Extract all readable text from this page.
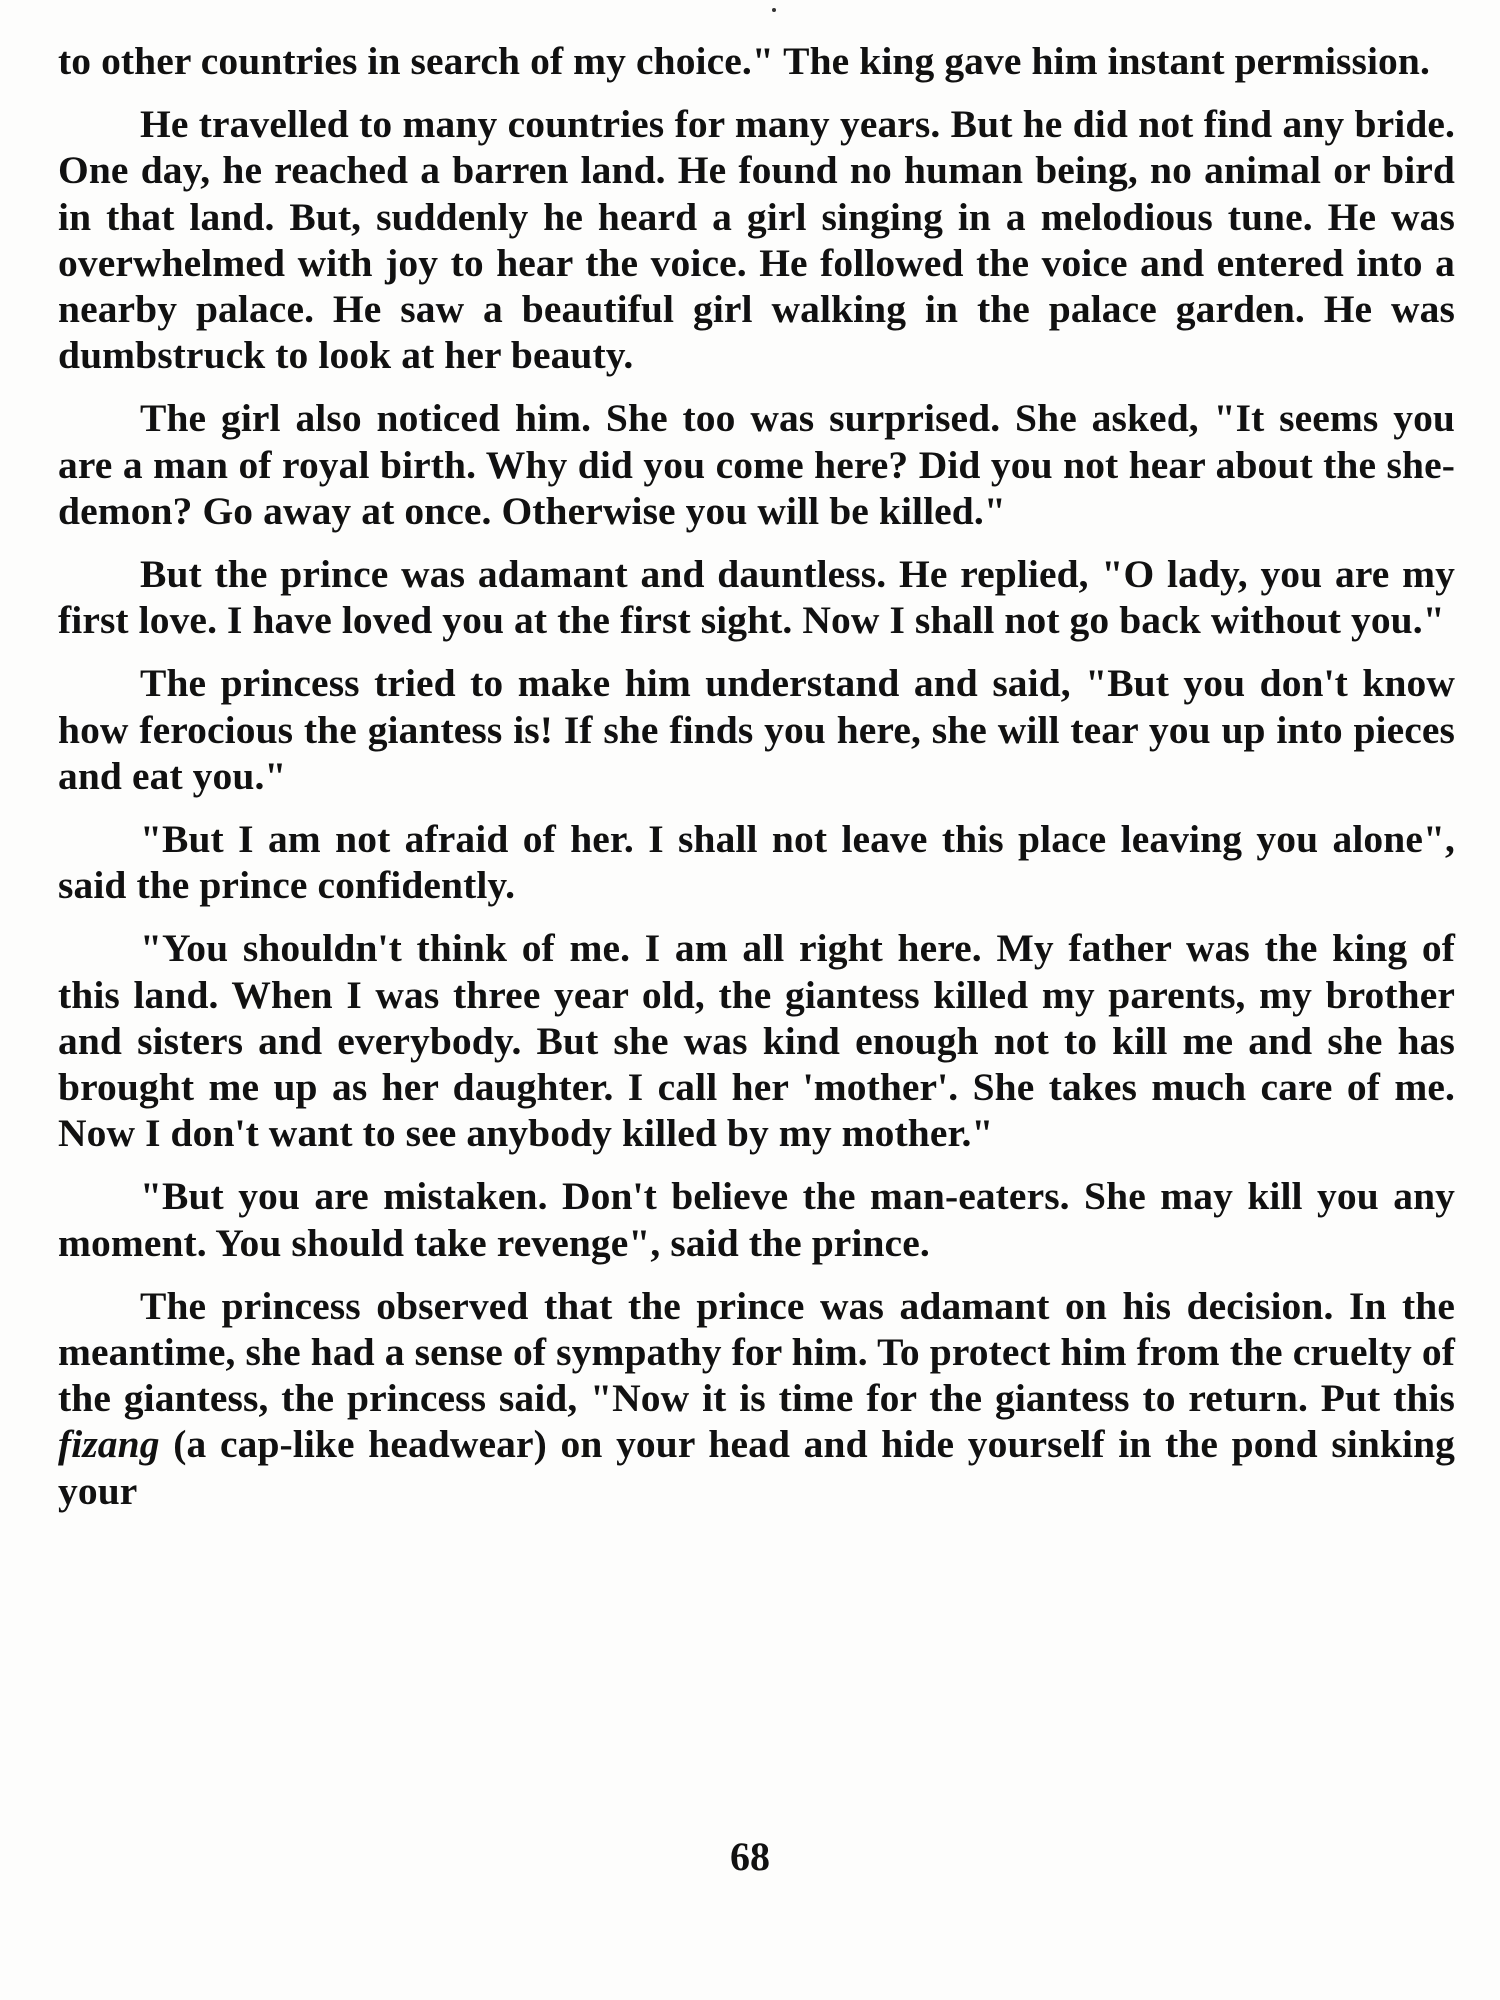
to other countries in search of my choice." The king gave him instant permission.

He travelled to many countries for many years. But he did not find any bride. One day, he reached a barren land. He found no human being, no animal or bird in that land. But, suddenly he heard a girl singing in a melodious tune. He was overwhelmed with joy to hear the voice. He followed the voice and entered into a nearby palace. He saw a beautiful girl walking in the palace garden. He was dumbstruck to look at her beauty.

The girl also noticed him. She too was surprised. She asked, "It seems you are a man of royal birth. Why did you come here? Did you not hear about the she-demon? Go away at once. Otherwise you will be killed."

But the prince was adamant and dauntless. He replied, "O lady, you are my first love. I have loved you at the first sight. Now I shall not go back without you."

The princess tried to make him understand and said, "But you don't know how ferocious the giantess is! If she finds you here, she will tear you up into pieces and eat you."

"But I am not afraid of her. I shall not leave this place leaving you alone", said the prince confidently.

"You shouldn't think of me. I am all right here. My father was the king of this land. When I was three year old, the giantess killed my parents, my brother and sisters and everybody. But she was kind enough not to kill me and she has brought me up as her daughter. I call her 'mother'. She takes much care of me. Now I don't want to see anybody killed by my mother."

"But you are mistaken. Don't believe the man-eaters. She may kill you any moment. You should take revenge", said the prince.

The princess observed that the prince was adamant on his decision. In the meantime, she had a sense of sympathy for him. To protect him from the cruelty of the giantess, the princess said, "Now it is time for the giantess to return. Put this fizang (a cap-like headwear) on your head and hide yourself in the pond sinking your

68
